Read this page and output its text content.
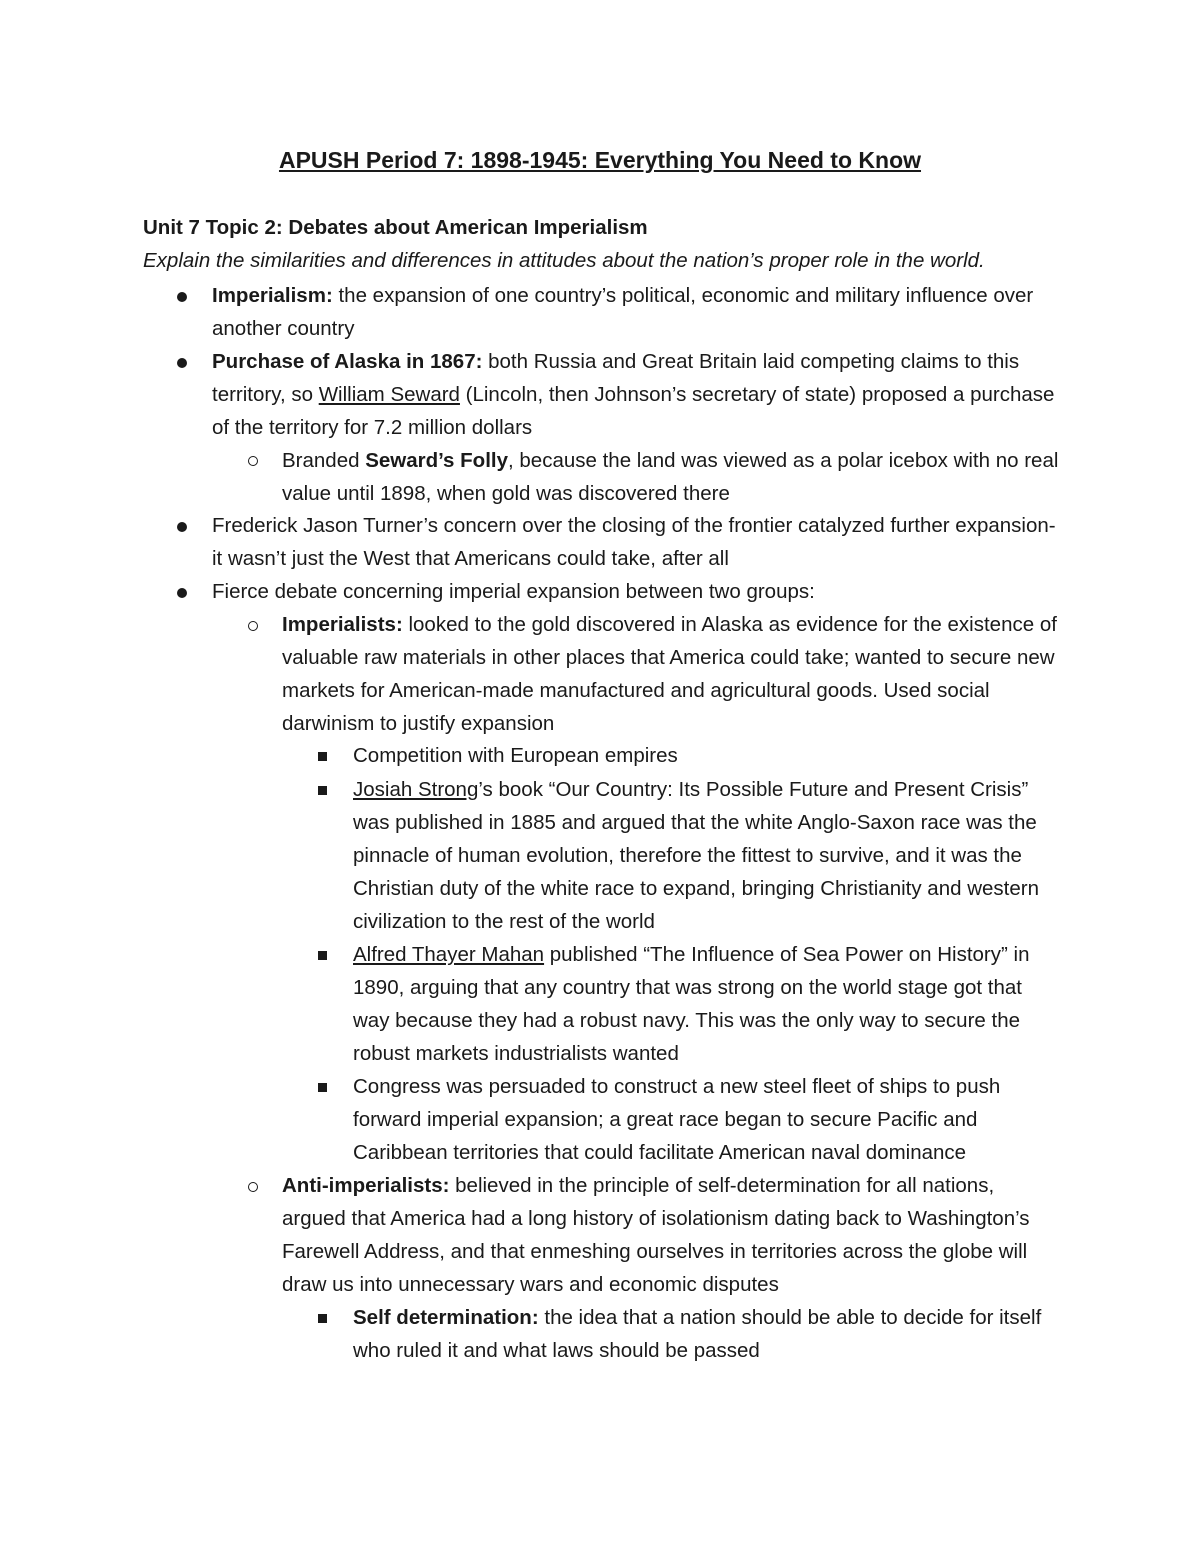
APUSH Period 7: 1898-1945: Everything You Need to Know
Unit 7 Topic 2: Debates about American Imperialism
Explain the similarities and differences in attitudes about the nation’s proper role in the world.
Imperialism: the expansion of one country’s political, economic and military influence over another country
Purchase of Alaska in 1867: both Russia and Great Britain laid competing claims to this territory, so William Seward (Lincoln, then Johnson’s secretary of state) proposed a purchase of the territory for 7.2 million dollars
Branded Seward’s Folly, because the land was viewed as a polar icebox with no real value until 1898, when gold was discovered there
Frederick Jason Turner’s concern over the closing of the frontier catalyzed further expansion- it wasn’t just the West that Americans could take, after all
Fierce debate concerning imperial expansion between two groups:
Imperialists: looked to the gold discovered in Alaska as evidence for the existence of valuable raw materials in other places that America could take; wanted to secure new markets for American-made manufactured and agricultural goods. Used social darwinism to justify expansion
Competition with European empires
Josiah Strong’s book “Our Country: Its Possible Future and Present Crisis” was published in 1885 and argued that the white Anglo-Saxon race was the pinnacle of human evolution, therefore the fittest to survive, and it was the Christian duty of the white race to expand, bringing Christianity and western civilization to the rest of the world
Alfred Thayer Mahan published “The Influence of Sea Power on History” in 1890, arguing that any country that was strong on the world stage got that way because they had a robust navy. This was the only way to secure the robust markets industrialists wanted
Congress was persuaded to construct a new steel fleet of ships to push forward imperial expansion; a great race began to secure Pacific and Caribbean territories that could facilitate American naval dominance
Anti-imperialists: believed in the principle of self-determination for all nations, argued that America had a long history of isolationism dating back to Washington’s Farewell Address, and that enmeshing ourselves in territories across the globe will draw us into unnecessary wars and economic disputes
Self determination: the idea that a nation should be able to decide for itself who ruled it and what laws should be passed
